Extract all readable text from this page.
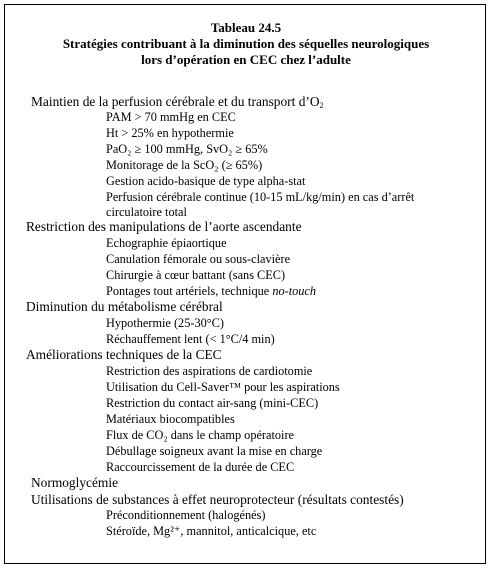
Tableau 24.5
Stratégies contribuant à la diminution des séquelles neurologiques
lors d’opération en CEC chez l’adulte
Maintien de la perfusion cérébrale et du transport $d’O_2$
PAM > 70 mmHg en CEC
Ht > 25% en hypothermie
PaO₂ ≥ 100 mmHg, SvO₂ ≥ 65%
Monitorage de la ScO₂ (≥ 65%)
Gestion acido-basique de type alpha-stat
Perfusion cérébrale continue (10-15 mL/kg/min) en cas d’arrêt
circulatoire total
Restriction des manipulations de l’aorte ascendante
Echographie épiaortique
Canulation fémorale ou sous-clavière
Chirurgie à cœur battant (sans CEC)
Pontages tout artériels, technique no-touch
Diminution du métabolisme cérébral
Hypothermie (25-30°C)
Réchauffement lent (< 1°C/4 min)
Améliorations techniques de la CEC
Restriction des aspirations de cardiotomie
Utilisation du Cell-Saver™ pour les aspirations
Restriction du contact air-sang (mini-CEC)
Matériaux biocompatibles
Flux de CO₂ dans le champ opératoire
Débullage soigneux avant la mise en charge
Raccourcissement de la durée de CEC
Normoglycémie
Utilisations de substances à effet neuroprotecteur (résultats contestés)
Préconditionnement (halogénés)
Stéroïde, Mg²⁺, mannitol, anticalcique, etc
